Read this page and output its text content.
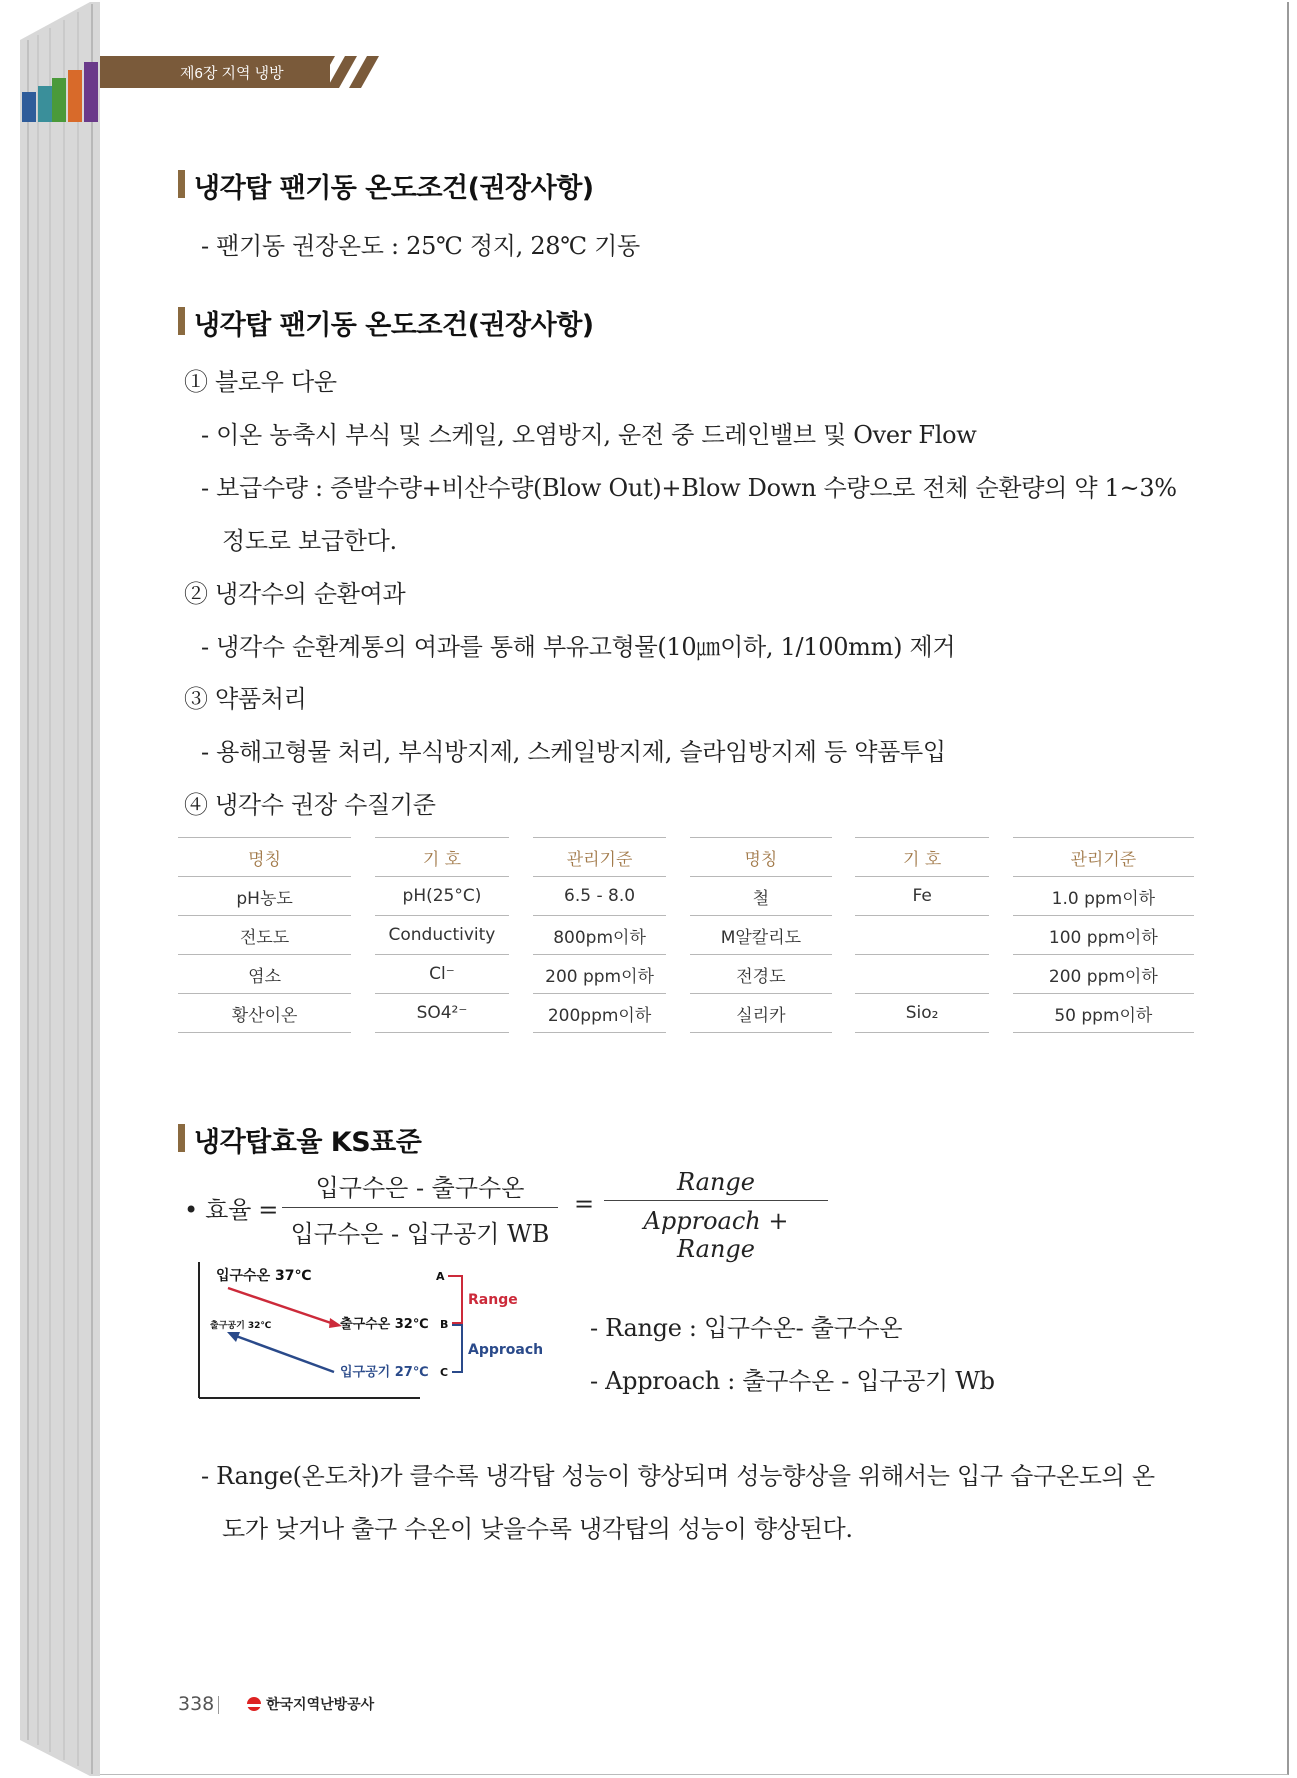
제6장 지역 냉방
냉각탑 팬기동 온도조건(권장사항)
- 팬기동 권장온도 : 25℃ 정지, 28℃ 기동
냉각탑 팬기동 온도조건(권장사항)
① 블로우 다운
- 이온 농축시 부식 및 스케일, 오염방지, 운전 중 드레인밸브 및 Over Flow
- 보급수량 : 증발수량+비산수량(Blow Out)+Blow Down 수량으로 전체 순환량의 약 1~3%
정도로 보급한다.
② 냉각수의 순환여과
- 냉각수 순환계통의 여과를 통해 부유고형물(10㎛이하, 1/100mm) 제거
③ 약품처리
- 용해고형물 처리, 부식방지제, 스케일방지제, 슬라임방지제 등 약품투입
④ 냉각수 권장 수질기준
명칭		기 호		관리기준		명칭		기 호		관리기준
pH농도		pH(25°C)		6.5 - 8.0		철		Fe		1.0 ppm이하
전도도		Conductivity		800pm이하		M알칼리도				100 ppm이하
염소		Cl⁻		200 ppm이하		전경도				200 ppm이하
황산이온		SO4²⁻		200ppm이하		실리카		Sio₂		50 ppm이하
냉각탑효율 KS표준
• 효율 =
입구수은 - 출구수온
입구수은 - 입구공기 WB
=
Range
Approach + Range
입구수온 37℃
출구공기 32℃	출구수온 32℃
입구공기 27℃
A
B
C
Range
Approach
- Range : 입구수온- 출구수온
- Approach : 출구수온 - 입구공기 Wb
- Range(온도차)가 클수록 냉각탑 성능이 향상되며 성능향상을 위해서는 입구 습구온도의 온
도가 낮거나 출구 수온이 낮을수록 냉각탑의 성능이 향상된다.
338	한국지역난방공사
